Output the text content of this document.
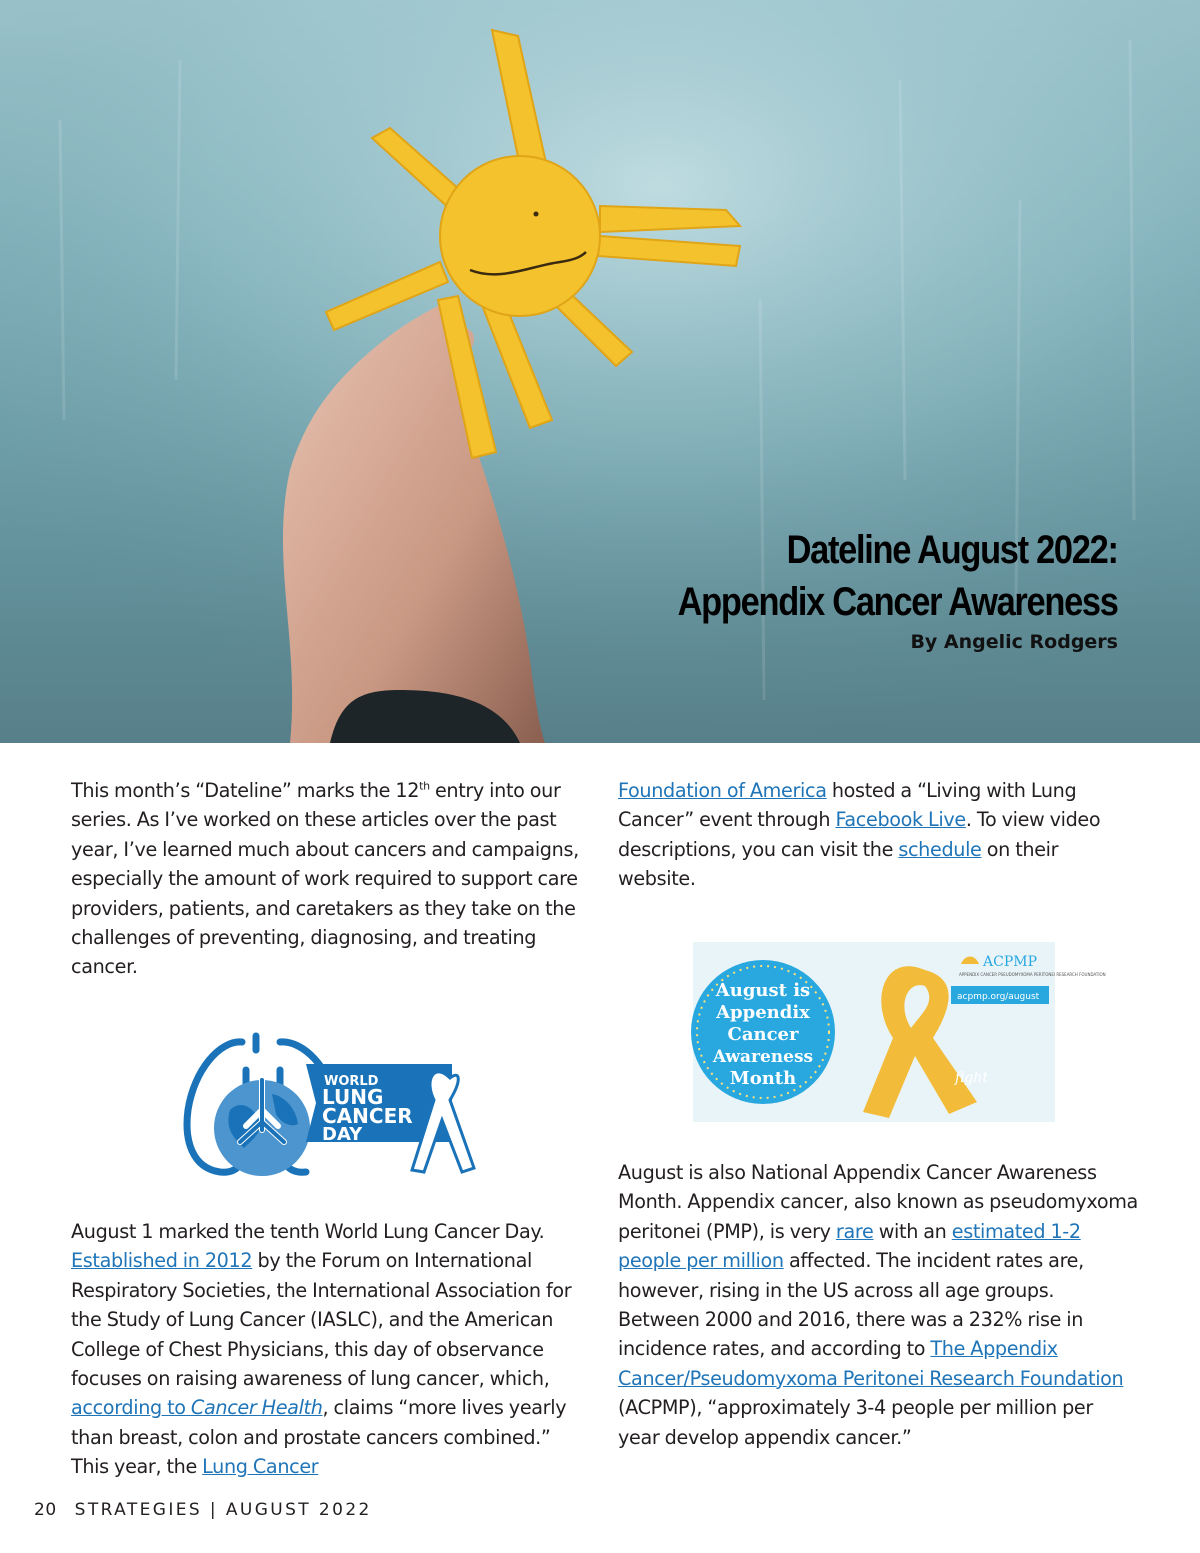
Dateline August 2022:
Appendix Cancer Awareness
By Angelic Rodgers

This month’s “Dateline” marks the 12th entry into our series. As I’ve worked on these articles over the past year, I’ve learned much about cancers and campaigns, especially the amount of work required to support care providers, patients, and caretakers as they take on the challenges of preventing, diagnosing, and treating cancer.

WORLD
LUNG
CANCER
DAY

August 1 marked the tenth World Lung Cancer Day. Established in 2012 by the Forum on International Respiratory Societies, the International Association for the Study of Lung Cancer (IASLC), and the American College of Chest Physicians, this day of observance focuses on raising awareness of lung cancer, which, according to Cancer Health, claims “more lives yearly than breast, colon and prostate cancers combined.” This year, the Lung Cancer

Foundation of America hosted a “Living with Lung Cancer” event through Facebook Live. To view video descriptions, you can visit the schedule on their website.

August is
Appendix
Cancer
Awareness
Month	fight
ACPMP
APPENDIX CANCER PSEUDOMYXOMA PERITONEI RESEARCH FOUNDATION
acpmp.org/august

August is also National Appendix Cancer Awareness Month. Appendix cancer, also known as pseudomyxoma peritonei (PMP), is very rare with an estimated 1-2 people per million affected. The incident rates are, however, rising in the US across all age groups. Between 2000 and 2016, there was a 232% rise in incidence rates, and according to The Appendix Cancer/Pseudomyxoma Peritonei Research Foundation (ACPMP), “approximately 3-4 people per million per year develop appendix cancer.”

20 STRATEGIES | AUGUST 2022
